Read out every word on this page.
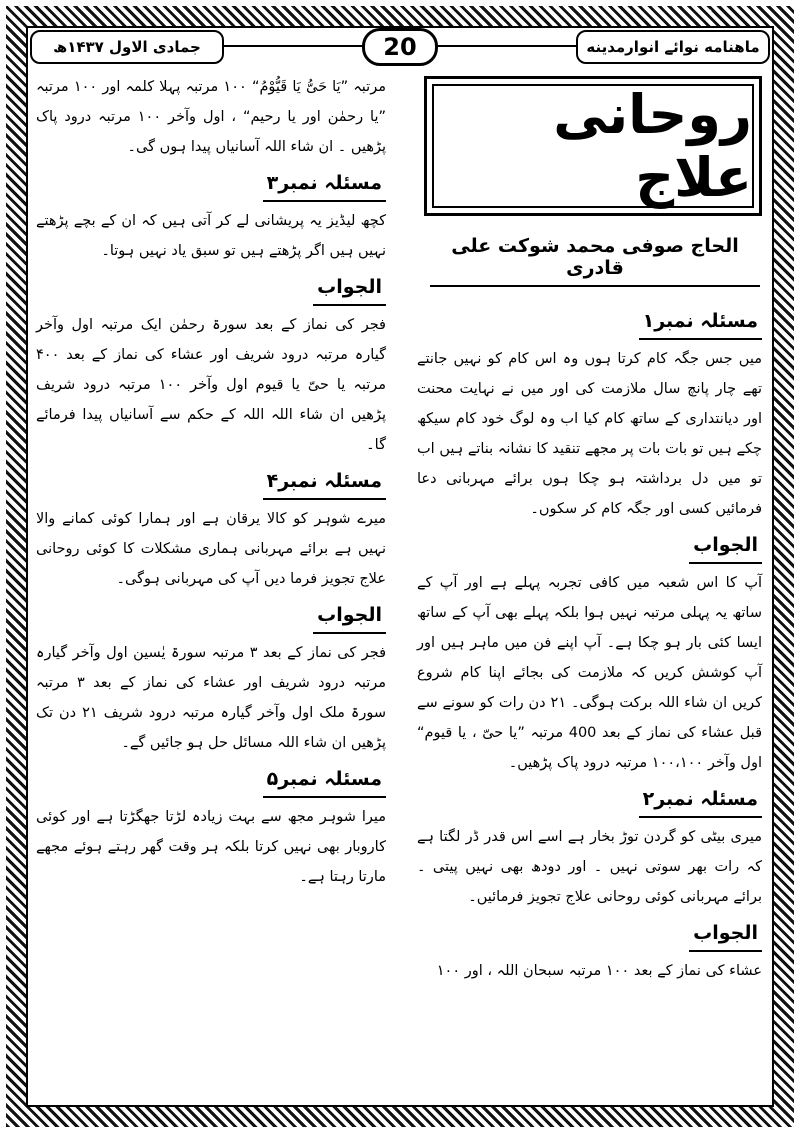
ماهنامه نوائے انوارمدینه
20
جمادی الاول ۱۴۳۷ھ
روحانی علاج
الحاج صوفی محمد شوکت علی قادری
مسئلہ نمبر۱

میں جس جگہ کام کرتا ہوں وہ اس کام کو نہیں جانتے تھے چار پانچ سال ملازمت کی اور میں نے نہایت محنت اور دیانتداری کے ساتھ کام کیا اب وہ لوگ خود کام سیکھ چکے ہیں تو بات بات پر مجھے تنقید کا نشانہ بناتے ہیں اب تو میں دل برداشتہ ہو چکا ہوں برائے مہربانی دعا فرمائیں کسی اور جگہ کام کر سکوں۔

الجواب

آپ کا اس شعبہ میں کافی تجربہ پہلے ہے اور آپ کے ساتھ یہ پہلی مرتبہ نہیں ہوا بلکہ پہلے بھی آپ کے ساتھ ایسا کئی بار ہو چکا ہے۔ آپ اپنے فن میں ماہر ہیں اور آپ کوشش کریں کہ ملازمت کی بجائے اپنا کام شروع کریں ان شاء اللہ برکت ہوگی۔ ۲۱ دن رات کو سونے سے قبل عشاء کی نماز کے بعد 400 مرتبہ ”یا حیّ ، یا قیوم“ اول وآخر ۱۰۰،۱۰۰ مرتبہ درود پاک پڑھیں۔

مسئلہ نمبر۲

میری بیٹی کو گردن توڑ بخار ہے اسے اس قدر ڈر لگتا ہے کہ رات بھر سوتی نہیں ۔ اور دودھ بھی نہیں پیتی ۔ برائے مہربانی کوئی روحانی علاج تجویز فرمائیں۔

الجواب

عشاء کی نماز کے بعد ۱۰۰ مرتبہ سبحان اللہ ، اور ۱۰۰

مرتبہ ”یَا حَیُّ یَا قَیُّوْمُ“ ۱۰۰ مرتبہ پہلا کلمہ اور ۱۰۰ مرتبہ ”یا رحمٰن اور یا رحیم“ ، اول وآخر ۱۰۰ مرتبہ درود پاک پڑھیں ۔ ان شاء اللہ آسانیاں پیدا ہوں گی۔

مسئلہ نمبر۳

کچھ لیڈیز یہ پریشانی لے کر آتی ہیں کہ ان کے بچے پڑھتے نہیں ہیں اگر پڑھتے ہیں تو سبق یاد نہیں ہوتا۔

الجواب

فجر کی نماز کے بعد سورۃ رحمٰن ایک مرتبہ اول وآخر گیارہ مرتبہ درود شریف اور عشاء کی نماز کے بعد ۴۰۰ مرتبہ یا حیّ یا قیوم اول وآخر ۱۰۰ مرتبہ درود شریف پڑھیں ان شاء اللہ اللہ کے حکم سے آسانیاں پیدا فرمائے گا۔

مسئلہ نمبر۴

میرے شوہر کو کالا یرقان ہے اور ہمارا کوئی کمانے والا نہیں ہے برائے مہربانی ہماری مشکلات کا کوئی روحانی علاج تجویز فرما دیں آپ کی مہربانی ہوگی۔

الجواب

فجر کی نماز کے بعد ۳ مرتبہ سورۃ یٰسین اول وآخر گیارہ مرتبہ درود شریف اور عشاء کی نماز کے بعد ۳ مرتبہ سورۃ ملک اول وآخر گیارہ مرتبہ درود شریف ۲۱ دن تک پڑھیں ان شاء اللہ مسائل حل ہو جائیں گے۔

مسئلہ نمبر۵

میرا شوہر مجھ سے بہت زیادہ لڑتا جھگڑتا ہے اور کوئی کاروبار بھی نہیں کرتا بلکہ ہر وقت گھر رہتے ہوئے مجھے مارتا رہتا ہے۔
